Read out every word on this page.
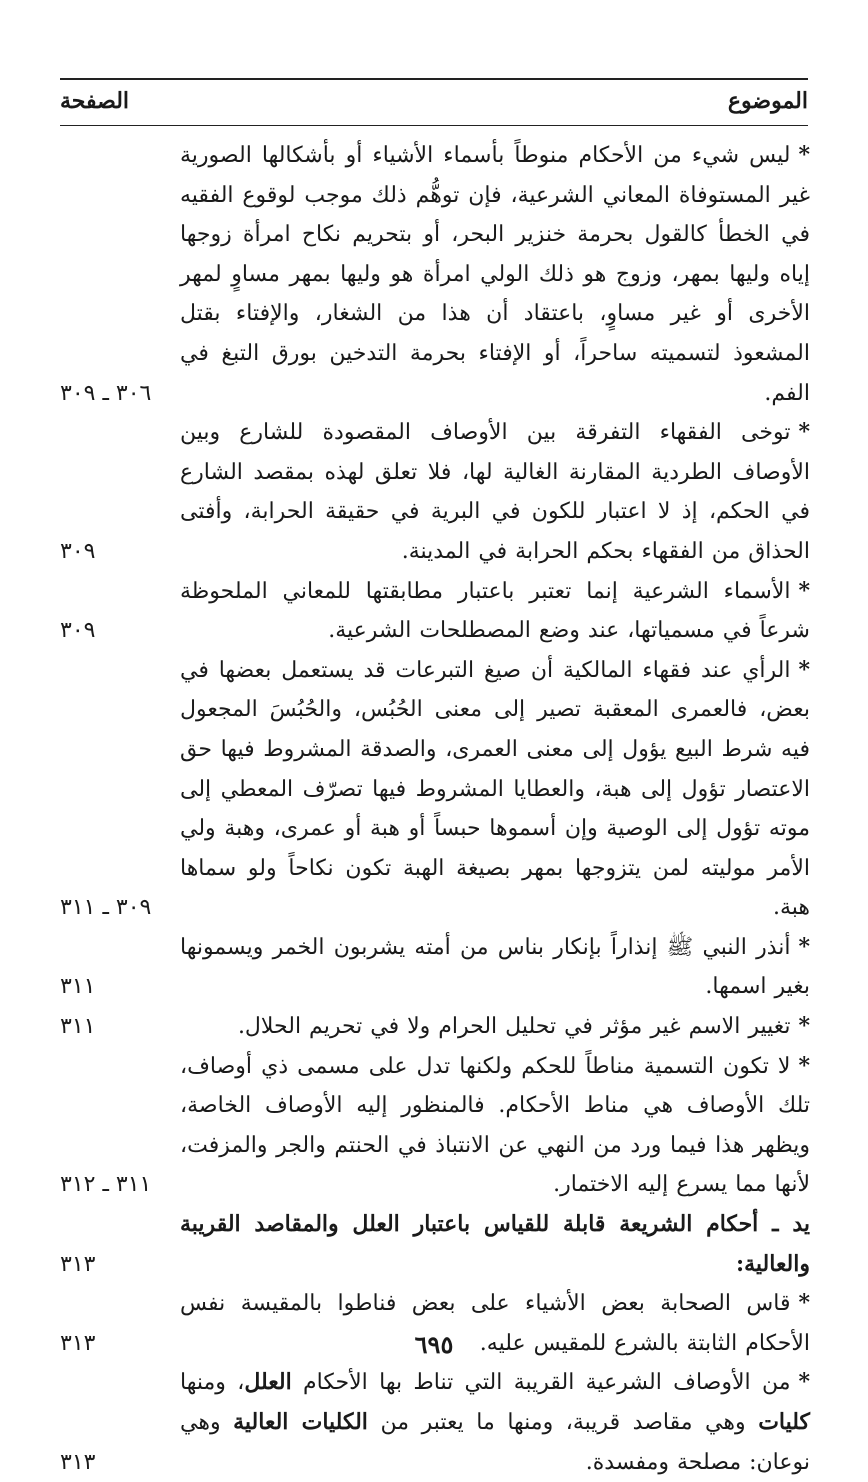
الموضوع
الصفحة
*ليس شيء من الأحكام منوطاً بأسماء الأشياء أو بأشكالها الصورية غير المستوفاة المعاني الشرعية، فإن توهُّم ذلك موجب لوقوع الفقيه في الخطأ كالقول بحرمة خنزير البحر، أو بتحريم نكاح امرأة زوجها إياه وليها بمهر، وزوج هو ذلك الولي امرأة هو وليها بمهر مساوٍ لمهر الأخرى أو غير مساوٍ، باعتقاد أن هذا من الشغار، والإفتاء بقتل المشعوذ لتسميته ساحراً، أو الإفتاء بحرمة التدخين بورق التبغ في الفم.
٣٠٦ ـ ٣٠٩
*توخى الفقهاء التفرقة بين الأوصاف المقصودة للشارع وبين الأوصاف الطردية المقارنة الغالية لها، فلا تعلق لهذه بمقصد الشارع في الحكم، إذ لا اعتبار للكون في البرية في حقيقة الحرابة، وأفتى الحذاق من الفقهاء بحكم الحرابة في المدينة.
٣٠٩
*الأسماء الشرعية إنما تعتبر باعتبار مطابقتها للمعاني الملحوظة شرعاً في مسمياتها، عند وضع المصطلحات الشرعية.
٣٠٩
*الرأي عند فقهاء المالكية أن صيغ التبرعات قد يستعمل بعضها في بعض، فالعمرى المعقبة تصير إلى معنى الحُبُس، والحُبُسَ المجعول فيه شرط البيع يؤول إلى معنى العمرى، والصدقة المشروط فيها حق الاعتصار تؤول إلى هبة، والعطايا المشروط فيها تصرّف المعطي إلى موته تؤول إلى الوصية وإن أسموها حبساً أو هبة أو عمرى، وهبة ولي الأمر موليته لمن يتزوجها بمهر بصيغة الهبة تكون نكاحاً ولو سماها هبة.
٣٠٩ ـ ٣١١
*أنذر النبي ﷺ إنذاراً بإنكار بناس من أمته يشربون الخمر ويسمونها بغير اسمها.
٣١١
*تغيير الاسم غير مؤثر في تحليل الحرام ولا في تحريم الحلال.
٣١١
*لا تكون التسمية مناطاً للحكم ولكنها تدل على مسمى ذي أوصاف، تلك الأوصاف هي مناط الأحكام. فالمنظور إليه الأوصاف الخاصة، ويظهر هذا فيما ورد من النهي عن الانتباذ في الحنتم والجر والمزفت، لأنها مما يسرع إليه الاختمار.
٣١١ ـ ٣١٢
يد ـ أحكام الشريعة قابلة للقياس باعتبار العلل والمقاصد القريبة والعالية:
٣١٣
*قاس الصحابة بعض الأشياء على بعض فناطوا بالمقيسة نفس الأحكام الثابتة بالشرع للمقيس عليه.
٣١٣
*من الأوصاف الشرعية القريبة التي تناط بها الأحكام العلل، ومنها كليات وهي مقاصد قريبة، ومنها ما يعتبر من الكليات العالية وهي نوعان: مصلحة ومفسدة.
٣١٣
٦٩٥
